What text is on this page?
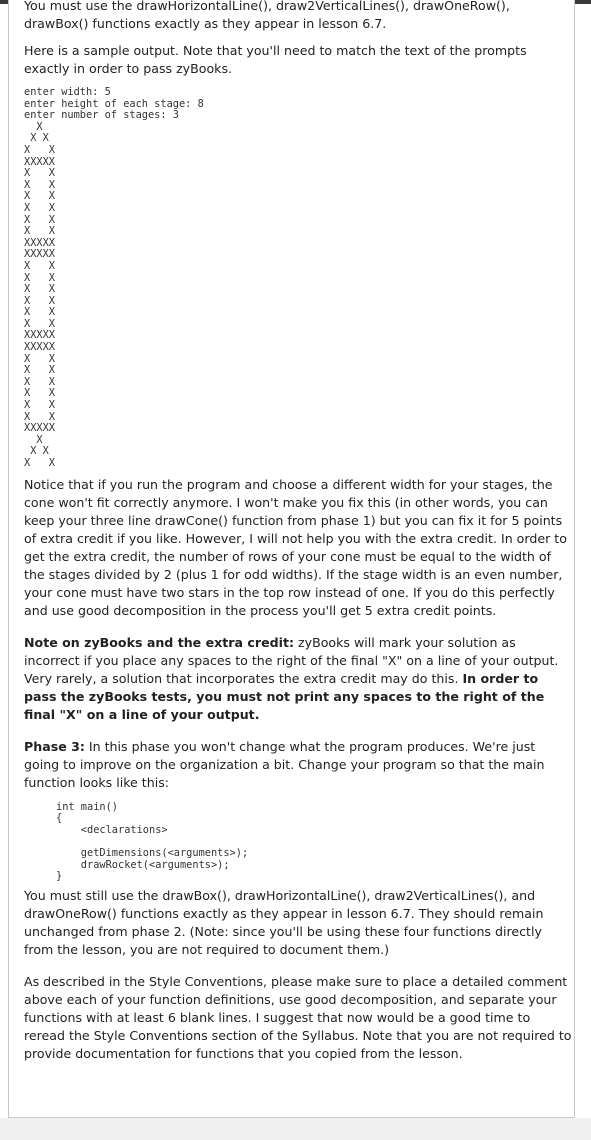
You must use the drawHorizontalLine(), draw2VerticalLines(), drawOneRow(), drawBox() functions exactly as they appear in lesson 6.7.

Here is a sample output. Note that you'll need to match the text of the prompts exactly in order to pass zyBooks.

enter width: 5
enter height of each stage: 8
enter number of stages: 3
X
X X
X   X
XXXXX
X   X
X   X
X   X
X   X
X   X
X   X
XXXXX
XXXXX
X   X
X   X
X   X
X   X
X   X
X   X
XXXXX
XXXXX
X   X
X   X
X   X
X   X
X   X
X   X
XXXXX
X
X X
X   X

Notice that if you run the program and choose a different width for your stages, the cone won't fit correctly anymore. I won't make you fix this (in other words, you can keep your three line drawCone() function from phase 1) but you can fix it for 5 points of extra credit if you like. However, I will not help you with the extra credit. In order to get the extra credit, the number of rows of your cone must be equal to the width of the stages divided by 2 (plus 1 for odd widths). If the stage width is an even number, your cone must have two stars in the top row instead of one. If you do this perfectly and use good decomposition in the process you'll get 5 extra credit points.

Note on zyBooks and the extra credit: zyBooks will mark your solution as incorrect if you place any spaces to the right of the final "X" on a line of your output. Very rarely, a solution that incorporates the extra credit may do this. In order to pass the zyBooks tests, you must not print any spaces to the right of the final "X" on a line of your output.

Phase 3: In this phase you won't change what the program produces. We're just going to improve on the organization a bit. Change your program so that the main function looks like this:

int main()
{
<declarations>

getDimensions(<arguments>);
drawRocket(<arguments>);
}

You must still use the drawBox(), drawHorizontalLine(), draw2VerticalLines(), and drawOneRow() functions exactly as they appear in lesson 6.7. They should remain unchanged from phase 2. (Note: since you'll be using these four functions directly from the lesson, you are not required to document them.)

As described in the Style Conventions, please make sure to place a detailed comment above each of your function definitions, use good decomposition, and separate your functions with at least 6 blank lines. I suggest that now would be a good time to reread the Style Conventions section of the Syllabus. Note that you are not required to provide documentation for functions that you copied from the lesson.
